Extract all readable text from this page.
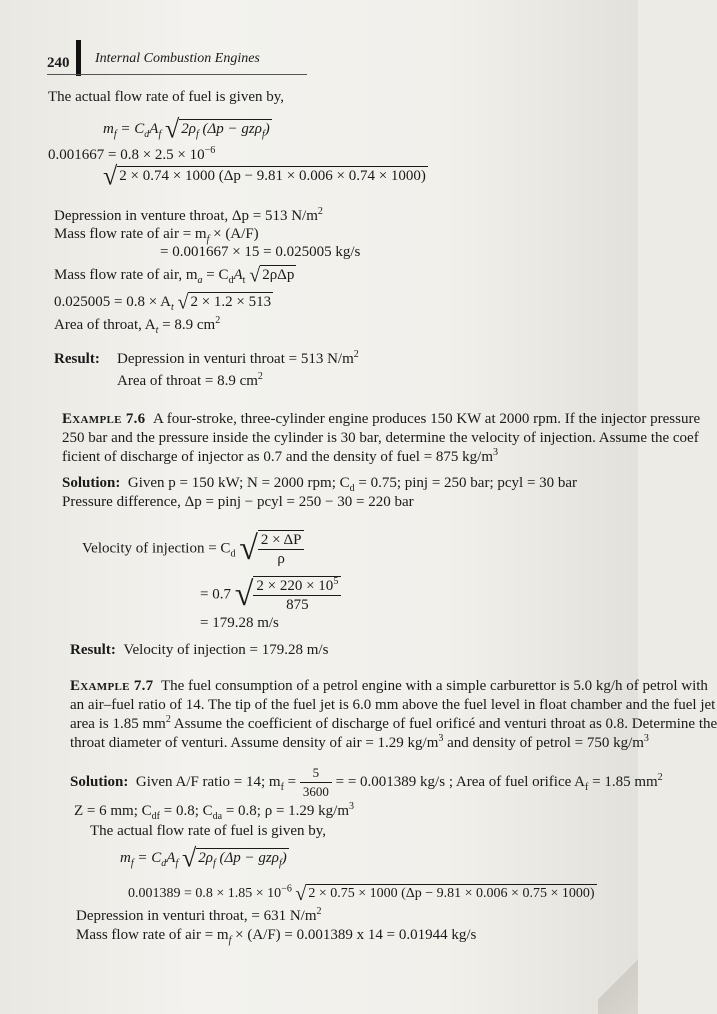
240 Internal Combustion Engines
The actual flow rate of fuel is given by,
$m_f = C_dA_f$ √ $2\rho_f$ (Δp − gzρ$_f$)
$0.001667 = 0.8 \times 2.5 \times 10^{-6}$
√ 2 × 0.74 × 1000 (Δp − 9.81 × 0.006 × 0.74 × 1000)
Depression in venture throat, Δp = 513 $N/m^2$
Mass flow rate of air = $m_f \times (A/F)$
= 0.001667 × 15 = 0.025005 kg/s
Mass flow rate of air, $m_a = C_dA_t$ √ 2ρΔp
$0.025005 = 0.8 \times A_t$ √ 2 × 1.2 × 513
Area of throat, $A_t = 8.9$ $cm^2$
Result: Depression in venturi throat = 513 $N/m^2$
Area of throat = 8.9 $cm^2$
Example 7.6 A four-stroke, three-cylinder engine produces 150 KW at 2000 rpm. If the injector pressure
250 bar and the pressure inside the cylinder is 30 bar, determine the velocity of injection. Assume the coef
ficient of discharge of injector as 0.7 and the density of fuel = 875 $kg/m^3$
Solution: Given p = 150 kW; N = 2000 rpm; $C_d = 0.75$; pinj = 250 bar; pcyl = 30 bar
Pressure difference, Δp = pinj − pcyl = 250 − 30 = 220 bar
Velocity of injection = $C_d$ √ $\frac{2 \times \Delta P}{\rho}$
= 0.7 √ $\frac{2 \times 220 \times 10^5}{875}$
= 179.28 m/s
Result: Velocity of injection = 179.28 m/s
Example 7.7 The fuel consumption of a petrol engine with a simple carburettor is 5.0 kg/h of petrol with
an air–fuel ratio of 14. The tip of the fuel jet is 6.0 mm above the fuel level in float chamber and the fuel jet
area is 1.85 $mm^2$ Assume the coefficient of discharge of fuel orificé and venturi throat as 0.8. Determine the
throat diameter of venturi. Assume density of air = 1.29 $kg/m^3$ and density of petrol = 750 $kg/m^3$
Solution: Given A/F ratio = 14; $m_f = \frac{5}{3600}$ = = 0.001389 kg/s ; Area of fuel orifice $A_f = 1.85$ $mm^2$
Z = 6 mm; $C_{df} = 0.8$; $C_{da} = 0.8$; ρ = 1.29 $kg/m^3$
The actual flow rate of fuel is given by,
$m_f = C_dA_f$ √ $2\rho_f$ (Δp − gzρ$_f$)
$0.001389 = 0.8 \times 1.85 \times 10^{-6}$ √ 2 × 0.75 × 1000 (Δp − 9.81 × 0.006 × 0.75 × 1000)
Depression in venturi throat, = 631 $N/m^2$
Mass flow rate of air = $m_f \times (A/F) = 0.001389$ x 14 = 0.01944 kg/s
